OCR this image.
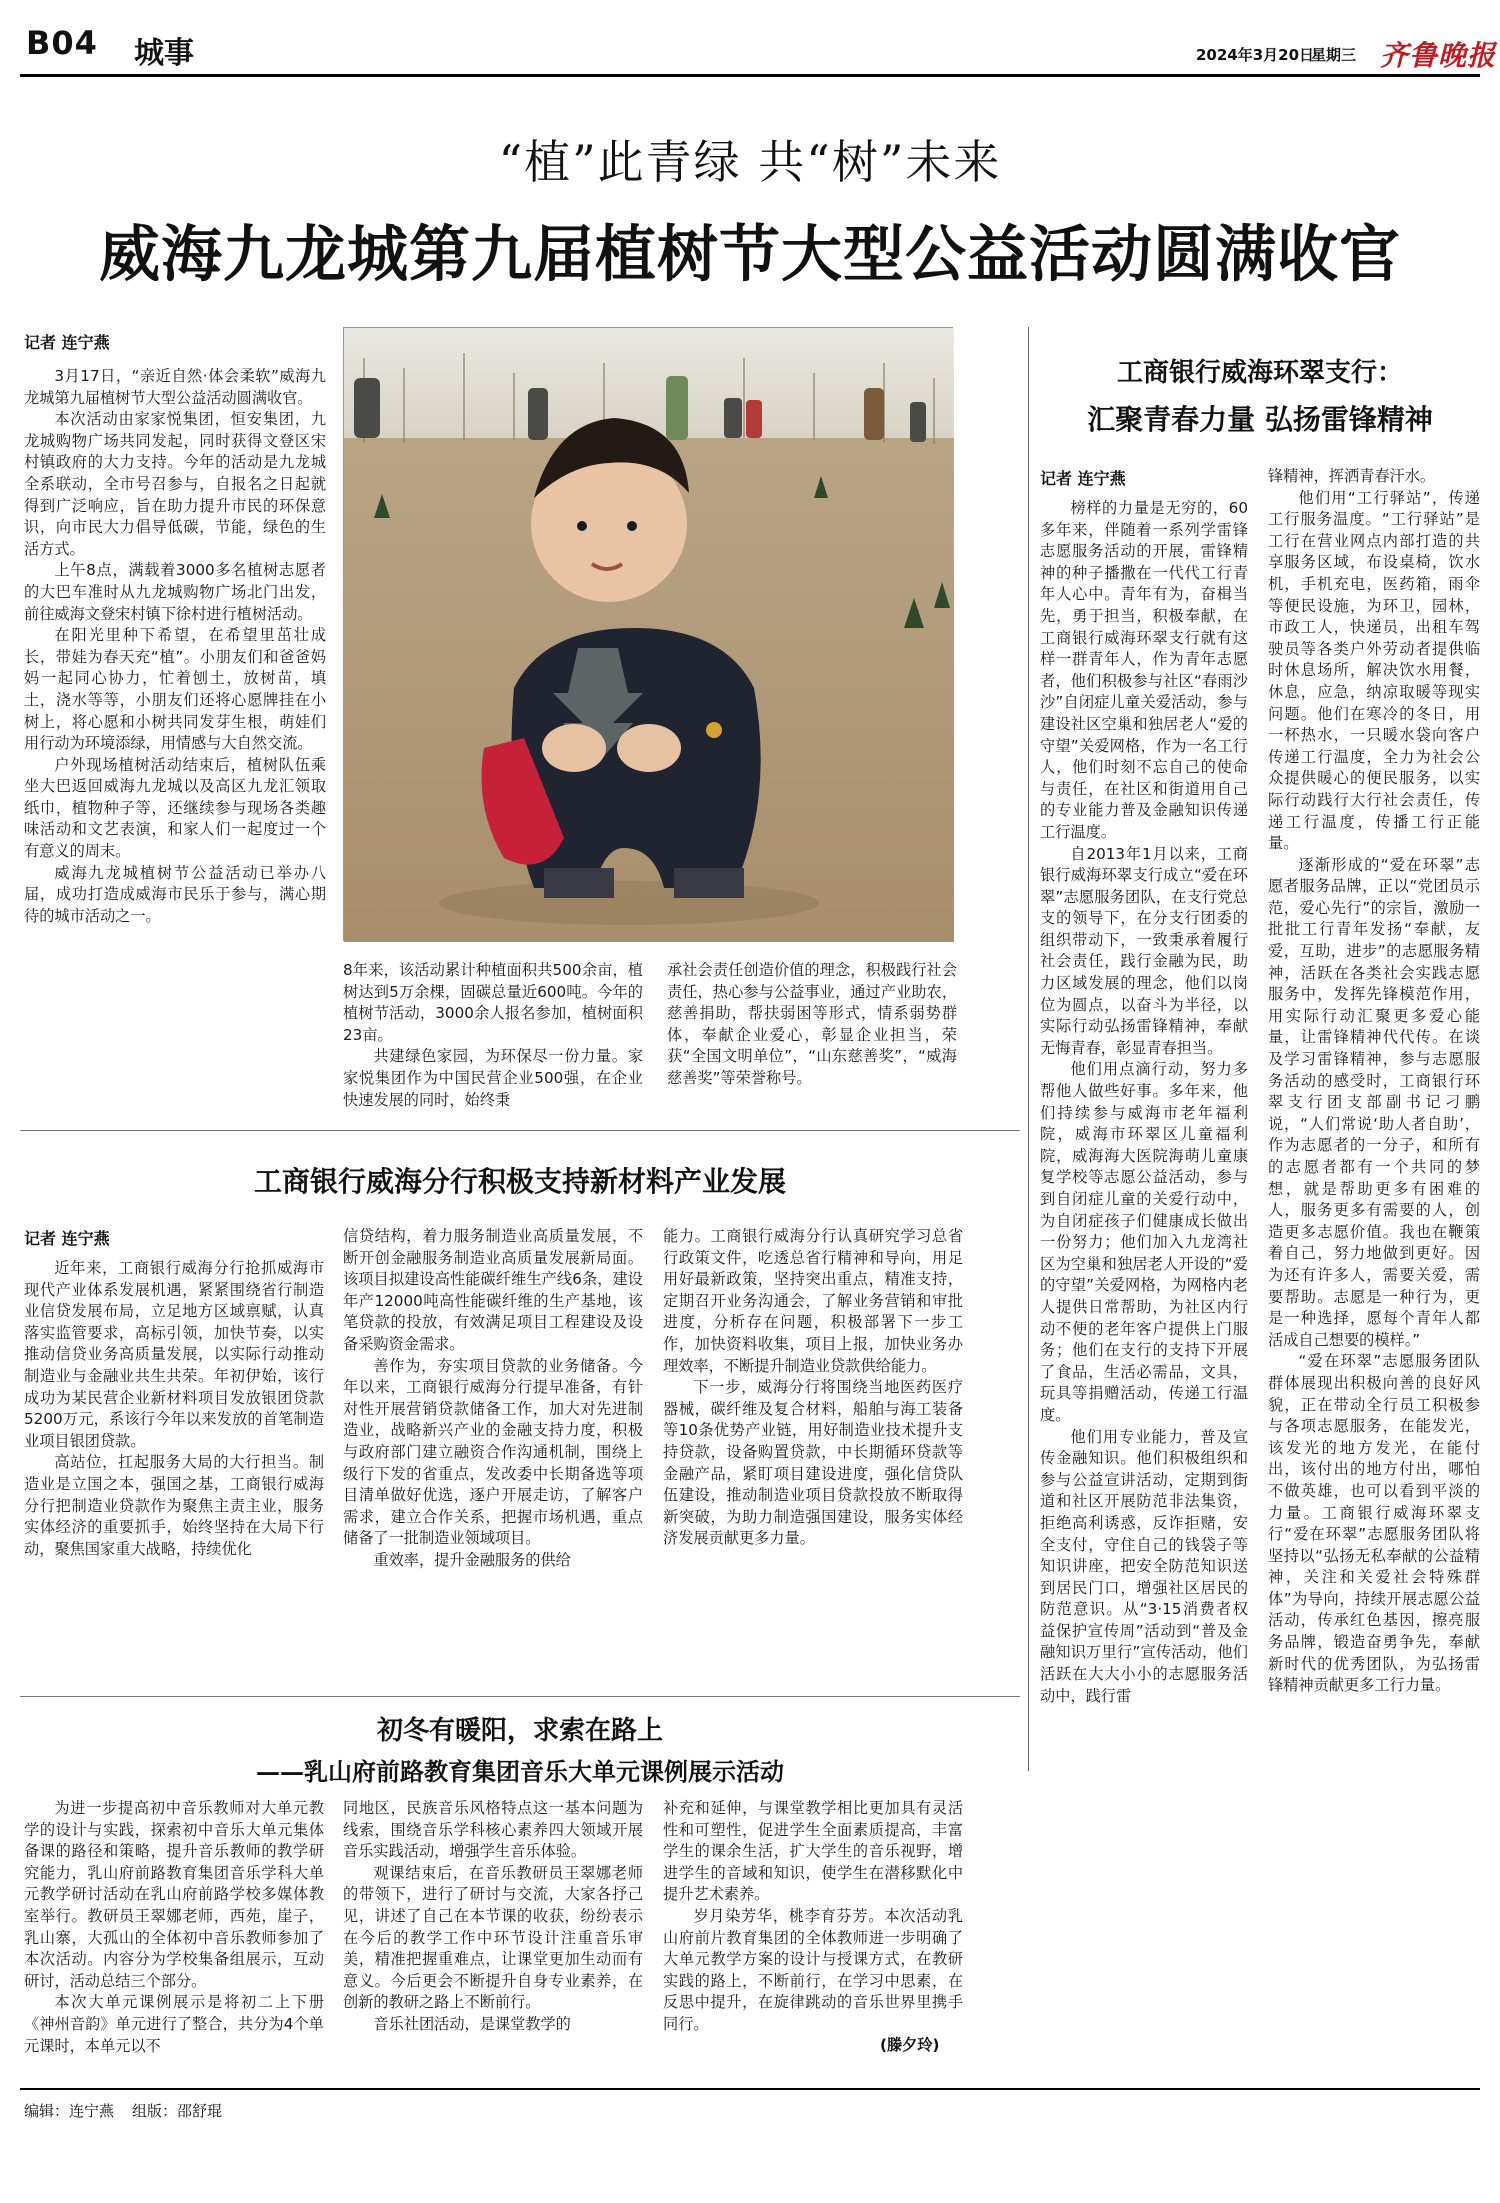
B04 城事	2024年3月20日
星期三 齐鲁晚报
“植”此青绿 共“树”未来
威海九龙城第九届植树节大型公益活动圆满收官
记者 连宁燕

3月17日，“亲近自然·体会柔软”威海九龙城第九届植树节大型公益活动圆满收官。

本次活动由家家悦集团，恒安集团，九龙城购物广场共同发起，同时获得文登区宋村镇政府的大力支持。今年的活动是九龙城全系联动，全市号召参与，自报名之日起就得到广泛响应，旨在助力提升市民的环保意识，向市民大力倡导低碳，节能，绿色的生活方式。

上午8点，满载着3000多名植树志愿者的大巴车准时从九龙城购物广场北门出发，前往威海文登宋村镇下徐村进行植树活动。

在阳光里种下希望，在希望里茁壮成长，带娃为春天充“植”。小朋友们和爸爸妈妈一起同心协力，忙着刨土，放树苗，填土，浇水等等，小朋友们还将心愿牌挂在小树上，将心愿和小树共同发芽生根，萌娃们用行动为环境添绿，用情感与大自然交流。

户外现场植树活动结束后，植树队伍乘坐大巴返回威海九龙城以及高区九龙汇领取纸巾，植物种子等，还继续参与现场各类趣味活动和文艺表演，和家人们一起度过一个有意义的周末。

威海九龙城植树节公益活动已举办八届，成功打造成威海市民乐于参与，满心期待的城市活动之一。

8年来，该活动累计种植面积共500余亩，植树达到5万余棵，固碳总量近600吨。今年的植树节活动，3000余人报名参加，植树面积23亩。

共建绿色家园，为环保尽一份力量。家家悦集团作为中国民营企业500强，在企业快速发展的同时，始终秉

承社会责任创造价值的理念，积极践行社会责任，热心参与公益事业，通过产业助农，慈善捐助，帮扶弱困等形式，情系弱势群体，奉献企业爱心，彰显企业担当，荣获“全国文明单位”，“山东慈善奖”，“威海慈善奖”等荣誉称号。

工商银行威海环翠支行：
汇聚青春力量 弘扬雷锋精神
记者 连宁燕

榜样的力量是无穷的，60多年来，伴随着一系列学雷锋志愿服务活动的开展，雷锋精神的种子播撒在一代代工行青年人心中。青年有为，奋楫当先，勇于担当，积极奉献，在工商银行威海环翠支行就有这样一群青年人，作为青年志愿者，他们积极参与社区“春雨沙沙”自闭症儿童关爱活动，参与建设社区空巢和独居老人“爱的守望”关爱网格，作为一名工行人，他们时刻不忘自己的使命与责任，在社区和街道用自己的专业能力普及金融知识传递工行温度。

自2013年1月以来，工商银行威海环翠支行成立“爱在环翠”志愿服务团队，在支行党总支的领导下，在分支行团委的组织带动下，一致秉承着履行社会责任，践行金融为民，助力区域发展的理念，他们以岗位为圆点，以奋斗为半径，以实际行动弘扬雷锋精神，奉献无悔青春，彰显青春担当。

他们用点滴行动，努力多帮他人做些好事。多年来，他们持续参与威海市老年福利院，威海市环翠区儿童福利院，威海海大医院海萌儿童康复学校等志愿公益活动，参与到自闭症儿童的关爱行动中，为自闭症孩子们健康成长做出一份努力；他们加入九龙湾社区为空巢和独居老人开设的“爱的守望”关爱网格，为网格内老人提供日常帮助，为社区内行动不便的老年客户提供上门服务；他们在支行的支持下开展了食品，生活必需品，文具，玩具等捐赠活动，传递工行温度。

他们用专业能力，普及宣传金融知识。他们积极组织和参与公益宣讲活动，定期到街道和社区开展防范非法集资，拒绝高利诱惑，反诈拒赌，安全支付，守住自己的钱袋子等知识讲座，把安全防范知识送到居民门口，增强社区居民的防范意识。从“3·15消费者权益保护宣传周”活动到“普及金融知识万里行”宣传活动，他们活跃在大大小小的志愿服务活动中，践行雷

锋精神，挥洒青春汗水。

他们用“工行驿站”，传递工行服务温度。“工行驿站”是工行在营业网点内部打造的共享服务区域，布设桌椅，饮水机，手机充电，医药箱，雨伞等便民设施，为环卫，园林，市政工人，快递员，出租车驾驶员等各类户外劳动者提供临时休息场所，解决饮水用餐，休息，应急，纳凉取暖等现实问题。他们在寒冷的冬日，用一杯热水，一只暖水袋向客户传递工行温度，全力为社会公众提供暖心的便民服务，以实际行动践行大行社会责任，传递工行温度，传播工行正能量。

逐渐形成的“爱在环翠”志愿者服务品牌，正以“党团员示范，爱心先行”的宗旨，激励一批批工行青年发扬“奉献，友爱，互助，进步”的志愿服务精神，活跃在各类社会实践志愿服务中，发挥先锋模范作用，用实际行动汇聚更多爱心能量，让雷锋精神代代传。在谈及学习雷锋精神，参与志愿服务活动的感受时，工商银行环翠支行团支部副书记刁鹏说，“人们常说‘助人者自助’，作为志愿者的一分子，和所有的志愿者都有一个共同的梦想，就是帮助更多有困难的人，服务更多有需要的人，创造更多志愿价值。我也在鞭策着自己，努力地做到更好。因为还有许多人，需要关爱，需要帮助。志愿是一种行为，更是一种选择，愿每个青年人都活成自己想要的模样。”

“爱在环翠”志愿服务团队群体展现出积极向善的良好风貌，正在带动全行员工积极参与各项志愿服务，在能发光，该发光的地方发光，在能付出，该付出的地方付出，哪怕不做英雄，也可以看到平淡的力量。工商银行威海环翠支行“爱在环翠”志愿服务团队将坚持以“弘扬无私奉献的公益精神，关注和关爱社会特殊群体”为导向，持续开展志愿公益活动，传承红色基因，擦亮服务品牌，锻造奋勇争先，奉献新时代的优秀团队，为弘扬雷锋精神贡献更多工行力量。

工商银行威海分行积极支持新材料产业发展
记者 连宁燕

近年来，工商银行威海分行抢抓威海市现代产业体系发展机遇，紧紧围绕省行制造业信贷发展布局，立足地方区域禀赋，认真落实监管要求，高标引领，加快节奏，以实推动信贷业务高质量发展，以实际行动推动制造业与金融业共生共荣。年初伊始，该行成功为某民营企业新材料项目发放银团贷款5200万元，系该行今年以来发放的首笔制造业项目银团贷款。

高站位，扛起服务大局的大行担当。制造业是立国之本，强国之基，工商银行威海分行把制造业贷款作为聚焦主责主业，服务实体经济的重要抓手，始终坚持在大局下行动，聚焦国家重大战略，持续优化

信贷结构，着力服务制造业高质量发展，不断开创金融服务制造业高质量发展新局面。该项目拟建设高性能碳纤维生产线6条，建设年产12000吨高性能碳纤维的生产基地，该笔贷款的投放，有效满足项目工程建设及设备采购资金需求。

善作为，夯实项目贷款的业务储备。今年以来，工商银行威海分行提早准备，有针对性开展营销贷款储备工作，加大对先进制造业，战略新兴产业的金融支持力度，积极与政府部门建立融资合作沟通机制，围绕上级行下发的省重点，发改委中长期备选等项目清单做好优选，逐户开展走访，了解客户需求，建立合作关系，把握市场机遇，重点储备了一批制造业领域项目。

重效率，提升金融服务的供给

能力。工商银行威海分行认真研究学习总省行政策文件，吃透总省行精神和导向，用足用好最新政策，坚持突出重点，精准支持，定期召开业务沟通会，了解业务营销和审批进度，分析存在问题，积极部署下一步工作，加快资料收集，项目上报，加快业务办理效率，不断提升制造业贷款供给能力。

下一步，威海分行将围绕当地医药医疗器械，碳纤维及复合材料，船舶与海工装备等10条优势产业链，用好制造业技术提升支持贷款，设备购置贷款，中长期循环贷款等金融产品，紧盯项目建设进度，强化信贷队伍建设，推动制造业项目贷款投放不断取得新突破，为助力制造强国建设，服务实体经济发展贡献更多力量。

初冬有暖阳，求索在路上
——乳山府前路教育集团音乐大单元课例展示活动

为进一步提高初中音乐教师对大单元教学的设计与实践，探索初中音乐大单元集体备课的路径和策略，提升音乐教师的教学研究能力，乳山府前路教育集团音乐学科大单元教学研讨活动在乳山府前路学校多媒体教室举行。教研员王翠娜老师，西苑，崖子，乳山寨，大孤山的全体初中音乐教师参加了本次活动。内容分为学校集备组展示，互动研讨，活动总结三个部分。

本次大单元课例展示是将初二上下册《神州音韵》单元进行了整合，共分为4个单元课时，本单元以不

同地区，民族音乐风格特点这一基本问题为线索，围绕音乐学科核心素养四大领域开展音乐实践活动，增强学生音乐体验。

观课结束后，在音乐教研员王翠娜老师的带领下，进行了研讨与交流，大家各抒己见，讲述了自己在本节课的收获，纷纷表示在今后的教学工作中环节设计注重音乐审美，精准把握重难点，让课堂更加生动而有意义。今后更会不断提升自身专业素养，在创新的教研之路上不断前行。

音乐社团活动，是课堂教学的

补充和延伸，与课堂教学相比更加具有灵活性和可塑性，促进学生全面素质提高，丰富学生的课余生活，扩大学生的音乐视野，增进学生的音域和知识，使学生在潜移默化中提升艺术素养。

岁月染芳华，桃李育芬芳。本次活动乳山府前片教育集团的全体教师进一步明确了大单元教学方案的设计与授课方式，在教研实践的路上，不断前行，在学习中思素，在反思中提升，在旋律跳动的音乐世界里携手同行。

(滕夕玲)
编辑：连宁燕 组版：邵舒琨
